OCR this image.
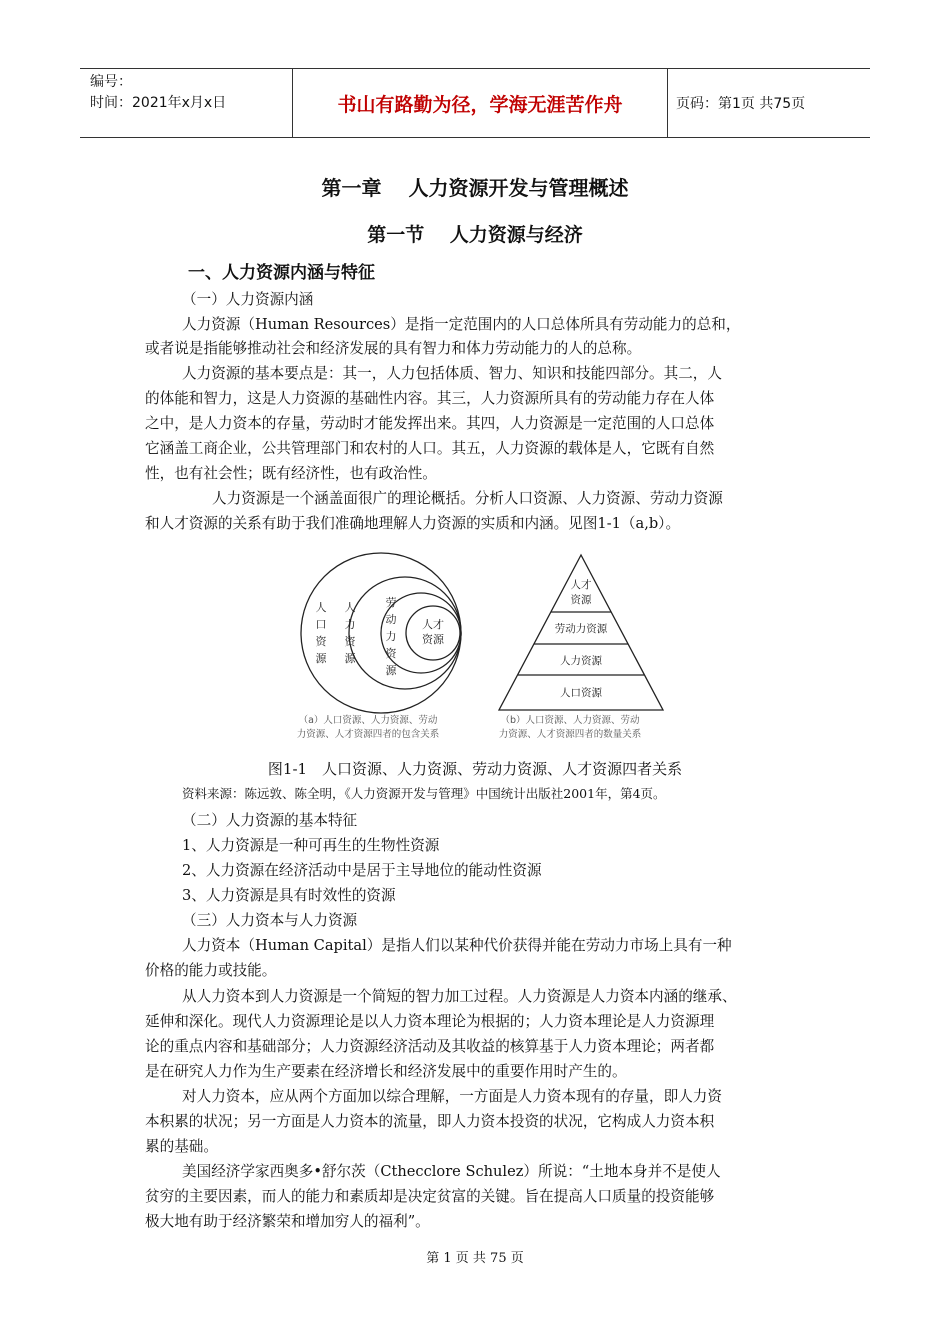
编号：
时间：2021年x月x日	书山有路勤为径，学海无涯苦作舟	页码：第1页 共75页
第一章　 人力资源开发与管理概述
第一节　 人力资源与经济
一、人力资源内涵与特征
（一）人力资源内涵
人力资源（Human Resources）是指一定范围内的人口总体所具有劳动能力的总和，
或者说是指能够推动社会和经济发展的具有智力和体力劳动能力的人的总称。
人力资源的基本要点是：其一，人力包括体质、智力、知识和技能四部分。其二，人
的体能和智力，这是人力资源的基础性内容。其三，人力资源所具有的劳动能力存在人体
之中，是人力资本的存量，劳动时才能发挥出来。其四，人力资源是一定范围的人口总体
它涵盖工商企业，公共管理部门和农村的人口。其五，人力资源的载体是人，它既有自然
性，也有社会性；既有经济性，也有政治性。
人力资源是一个涵盖面很广的理论概括。分析人口资源、人力资源、劳动力资源
和人才资源的关系有助于我们准确地理解人力资源的实质和内涵。见图1-1（a,b）。
人
口
资
源
人
力
资
源
劳
动
力
资
源
人才
资源
（a）人口资源、人力资源、劳动
力资源、人才资源四者的包含关系
人才
资源
劳动力资源
人力资源
人口资源
（b）人口资源、人力资源、劳动
力资源、人才资源四者的数量关系
图1-1　人口资源、人力资源、劳动力资源、人才资源四者关系
资料来源：陈远敦、陈全明，《人力资源开发与管理》中国统计出版社2001年，第4页。
（二）人力资源的基本特征
1、人力资源是一种可再生的生物性资源
2、人力资源在经济活动中是居于主导地位的能动性资源
3、人力资源是具有时效性的资源
（三）人力资本与人力资源
人力资本（Human Capital）是指人们以某种代价获得并能在劳动力市场上具有一种
价格的能力或技能。
从人力资本到人力资源是一个简短的智力加工过程。人力资源是人力资本内涵的继承、
延伸和深化。现代人力资源理论是以人力资本理论为根据的；人力资本理论是人力资源理
论的重点内容和基础部分；人力资源经济活动及其收益的核算基于人力资本理论；两者都
是在研究人力作为生产要素在经济增长和经济发展中的重要作用时产生的。
对人力资本，应从两个方面加以综合理解，一方面是人力资本现有的存量，即人力资
本积累的状况；另一方面是人力资本的流量，即人力资本投资的状况，它构成人力资本积
累的基础。
美国经济学家西奥多•舒尔茨（Cthecclore Schulez）所说：“土地本身并不是使人
贫穷的主要因素，而人的能力和素质却是决定贫富的关键。旨在提高人口质量的投资能够
极大地有助于经济繁荣和增加穷人的福利”。
第 1 页 共 75 页
